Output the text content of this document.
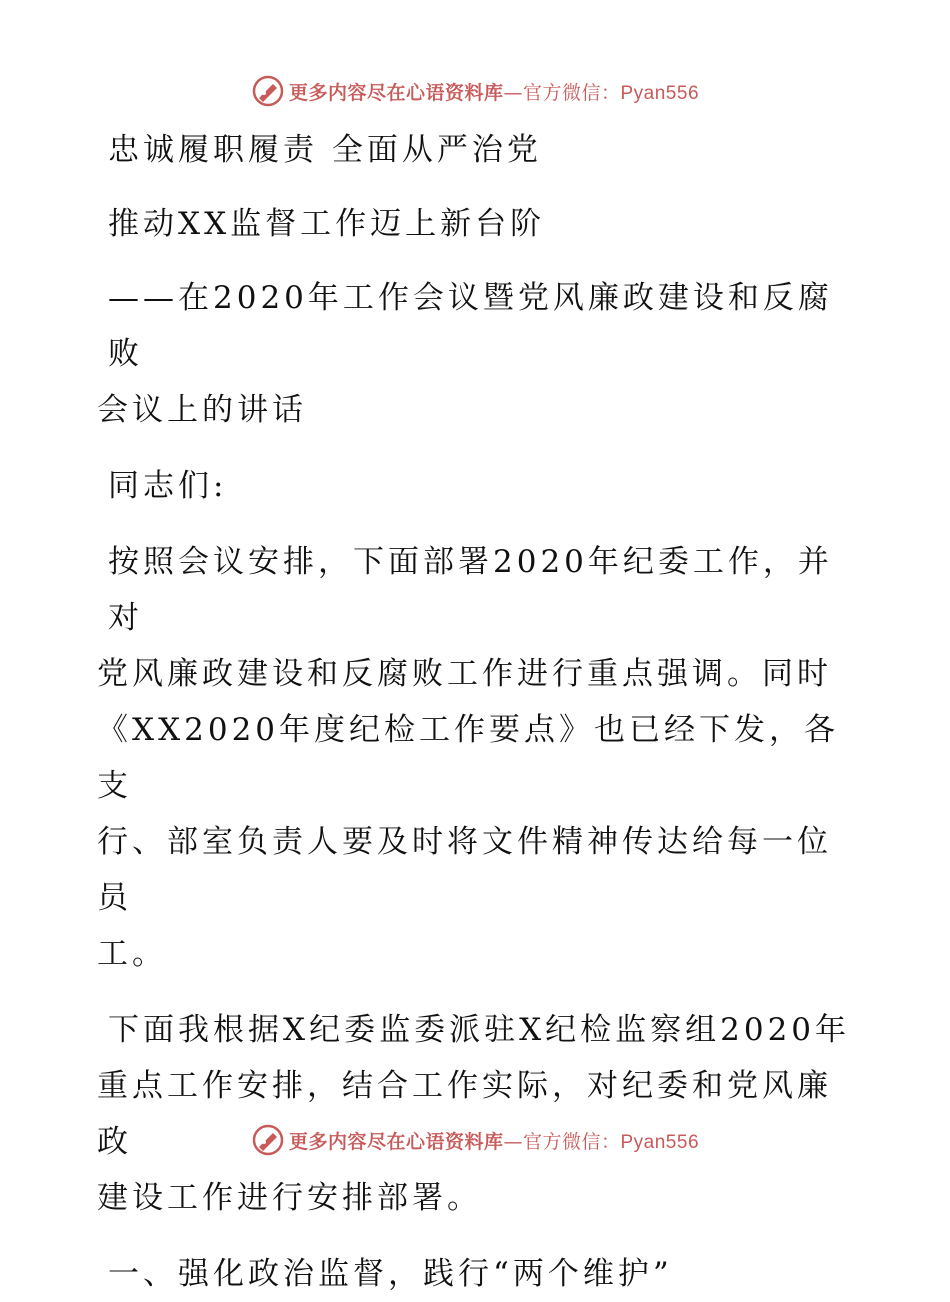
更多内容尽在心语资料库—官方微信：Pyan556

忠诚履职履责 全面从严治党

推动XX监督工作迈上新台阶

——在2020年工作会议暨党风廉政建设和反腐败

会议上的讲话

同志们:

按照会议安排，下面部署2020年纪委工作，并对

党风廉政建设和反腐败工作进行重点强调。同时

《XX2020年度纪检工作要点》也已经下发，各支

行、部室负责人要及时将文件精神传达给每一位员

工。

下面我根据X纪委监委派驻X纪检监察组2020年

重点工作安排，结合工作实际，对纪委和党风廉政

建设工作进行安排部署。

一、强化政治监督，践行“两个维护”

更多内容尽在心语资料库—官方微信：Pyan556
